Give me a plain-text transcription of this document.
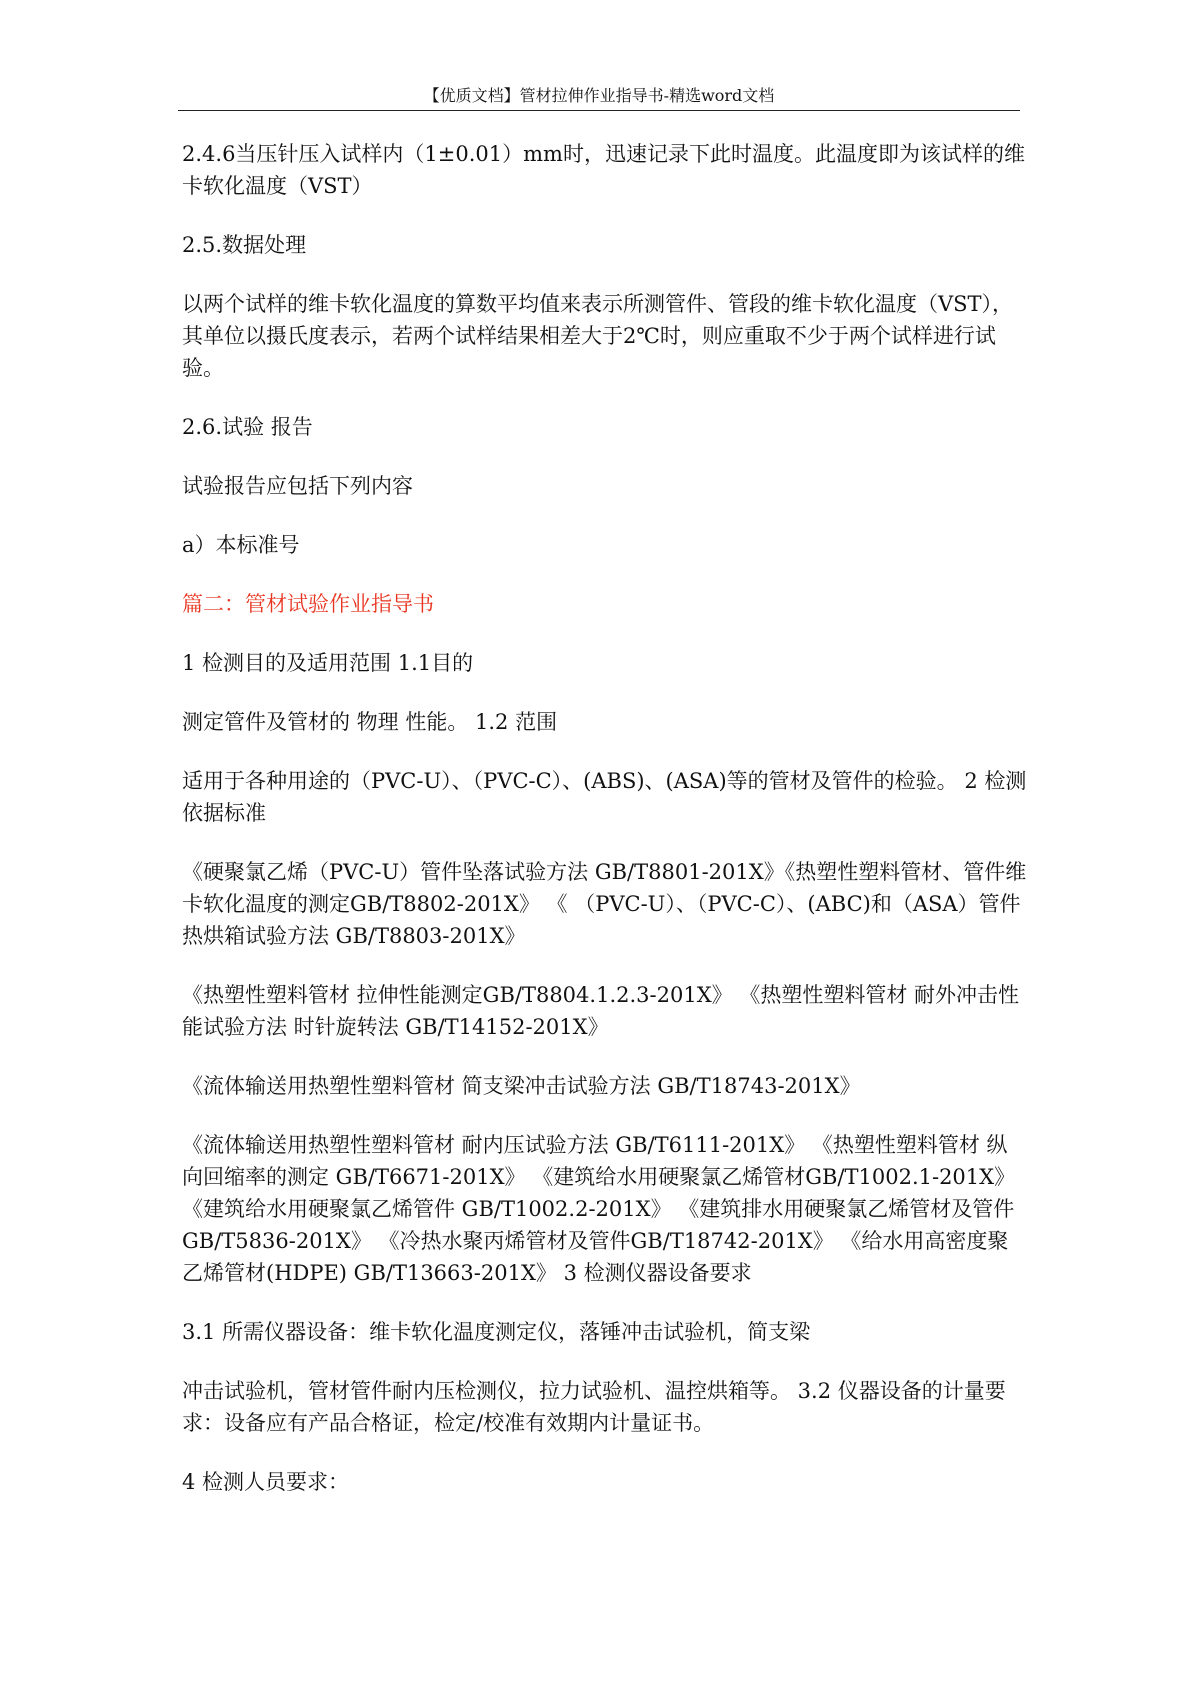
【优质文档】管材拉伸作业指导书-精选word文档

2.4.6当压针压入试样内（1±0.01）mm时，迅速记录下此时温度。此温度即为该试样的维卡软化温度（VST）

2.5.数据处理

以两个试样的维卡软化温度的算数平均值来表示所测管件、管段的维卡软化温度（VST），其单位以摄氏度表示，若两个试样结果相差大于2℃时，则应重取不少于两个试样进行试验。

2.6.试验 报告

试验报告应包括下列内容

a）本标准号

篇二：管材试验作业指导书

1 检测目的及适用范围 1.1目的

测定管件及管材的 物理 性能。 1.2 范围

适用于各种用途的（PVC-U）、（PVC-C）、(ABS)、(ASA)等的管材及管件的检验。 2 检测依据标准

《硬聚氯乙烯（PVC-U）管件坠落试验方法 GB/T8801-201X》《热塑性塑料管材、管件维卡软化温度的测定GB/T8802-201X》 《 （PVC-U）、（PVC-C）、(ABC)和（ASA）管件热烘箱试验方法 GB/T8803-201X》

《热塑性塑料管材 拉伸性能测定GB/T8804.1.2.3-201X》 《热塑性塑料管材 耐外冲击性能试验方法 时针旋转法 GB/T14152-201X》

《流体输送用热塑性塑料管材 简支梁冲击试验方法 GB/T18743-201X》

《流体输送用热塑性塑料管材 耐内压试验方法 GB/T6111-201X》 《热塑性塑料管材 纵向回缩率的测定 GB/T6671-201X》 《建筑给水用硬聚氯乙烯管材GB/T1002.1-201X》 《建筑给水用硬聚氯乙烯管件 GB/T1002.2-201X》 《建筑排水用硬聚氯乙烯管材及管件GB/T5836-201X》 《冷热水聚丙烯管材及管件GB/T18742-201X》 《给水用高密度聚乙烯管材(HDPE) GB/T13663-201X》 3 检测仪器设备要求

3.1 所需仪器设备：维卡软化温度测定仪，落锤冲击试验机，简支梁

冲击试验机，管材管件耐内压检测仪，拉力试验机、温控烘箱等。 3.2 仪器设备的计量要求：设备应有产品合格证，检定/校准有效期内计量证书。

4 检测人员要求：
